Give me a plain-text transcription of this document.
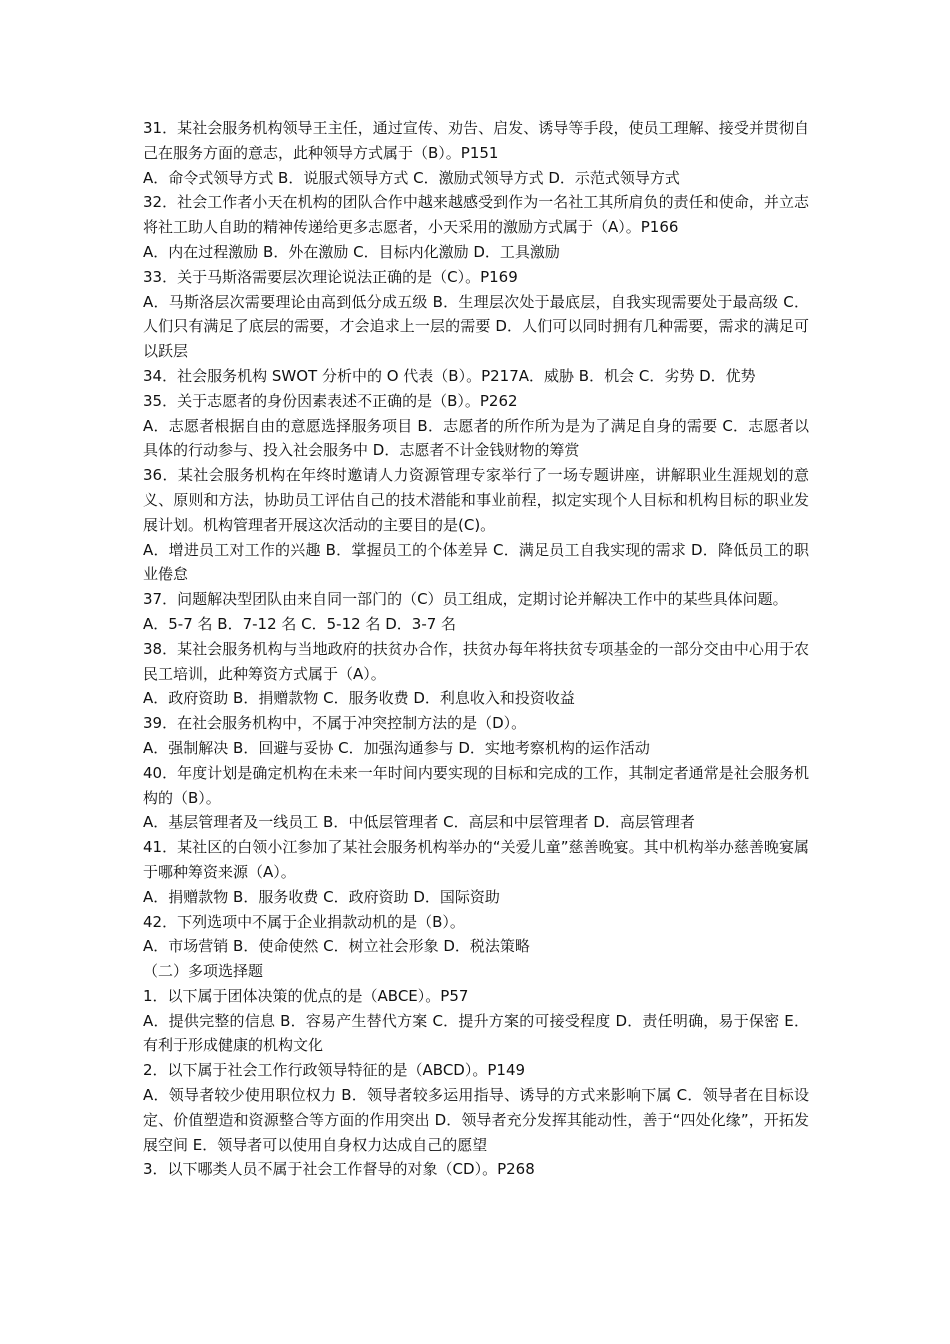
31．某社会服务机构领导王主任，通过宣传、劝告、启发、诱导等手段，使员工理解、接受并贯彻自己在服务方面的意志，此种领导方式属于（B）。P151

A．命令式领导方式 B．说服式领导方式 C．激励式领导方式 D．示范式领导方式

32．社会工作者小天在机构的团队合作中越来越感受到作为一名社工其所肩负的责任和使命，并立志将社工助人自助的精神传递给更多志愿者，小天采用的激励方式属于（A）。P166

A．内在过程激励 B．外在激励 C．目标内化激励 D．工具激励

33．关于马斯洛需要层次理论说法正确的是（C）。P169

A．马斯洛层次需要理论由高到低分成五级 B．生理层次处于最底层，自我实现需要处于最高级 C．人们只有满足了底层的需要，才会追求上一层的需要 D．人们可以同时拥有几种需要，需求的满足可以跃层

34．社会服务机构 SWOT 分析中的 O 代表（B）。P217A．威胁 B．机会 C．劣势 D．优势

35．关于志愿者的身份因素表述不正确的是（B）。P262

A．志愿者根据自由的意愿选择服务项目 B．志愿者的所作所为是为了满足自身的需要 C．志愿者以具体的行动参与、投入社会服务中 D．志愿者不计金钱财物的筹赏

36．某社会服务机构在年终时邀请人力资源管理专家举行了一场专题讲座，讲解职业生涯规划的意义、原则和方法，协助员工评估自己的技术潜能和事业前程，拟定实现个人目标和机构目标的职业发展计划。机构管理者开展这次活动的主要目的是(C)。

A．增进员工对工作的兴趣 B．掌握员工的个体差异 C．满足员工自我实现的需求 D．降低员工的职业倦怠

37．问题解决型团队由来自同一部门的（C）员工组成，定期讨论并解决工作中的某些具体问题。

A．5-7 名 B．7-12 名 C．5-12 名 D．3-7 名

38．某社会服务机构与当地政府的扶贫办合作，扶贫办每年将扶贫专项基金的一部分交由中心用于农民工培训，此种筹资方式属于（A）。

A．政府资助 B．捐赠款物 C．服务收费 D．利息收入和投资收益

39．在社会服务机构中，不属于冲突控制方法的是（D）。

A．强制解决 B．回避与妥协 C．加强沟通参与 D．实地考察机构的运作活动

40．年度计划是确定机构在未来一年时间内要实现的目标和完成的工作，其制定者通常是社会服务机构的（B）。

A．基层管理者及一线员工 B．中低层管理者 C．高层和中层管理者 D．高层管理者

41．某社区的白领小江参加了某社会服务机构举办的“关爱儿童”慈善晚宴。其中机构举办慈善晚宴属于哪种筹资来源（A）。

A．捐赠款物 B．服务收费 C．政府资助 D．国际资助

42．下列选项中不属于企业捐款动机的是（B）。

A．市场营销 B．使命使然 C．树立社会形象 D．税法策略

（二）多项选择题

1．以下属于团体决策的优点的是（ABCE）。P57

A．提供完整的信息 B．容易产生替代方案 C．提升方案的可接受程度 D．责任明确，易于保密 E．有利于形成健康的机构文化

2．以下属于社会工作行政领导特征的是（ABCD）。P149

A．领导者较少使用职位权力 B．领导者较多运用指导、诱导的方式来影响下属 C．领导者在目标设定、价值塑造和资源整合等方面的作用突出 D．领导者充分发挥其能动性，善于“四处化缘”，开拓发展空间 E．领导者可以使用自身权力达成自己的愿望

3．以下哪类人员不属于社会工作督导的对象（CD）。P268
